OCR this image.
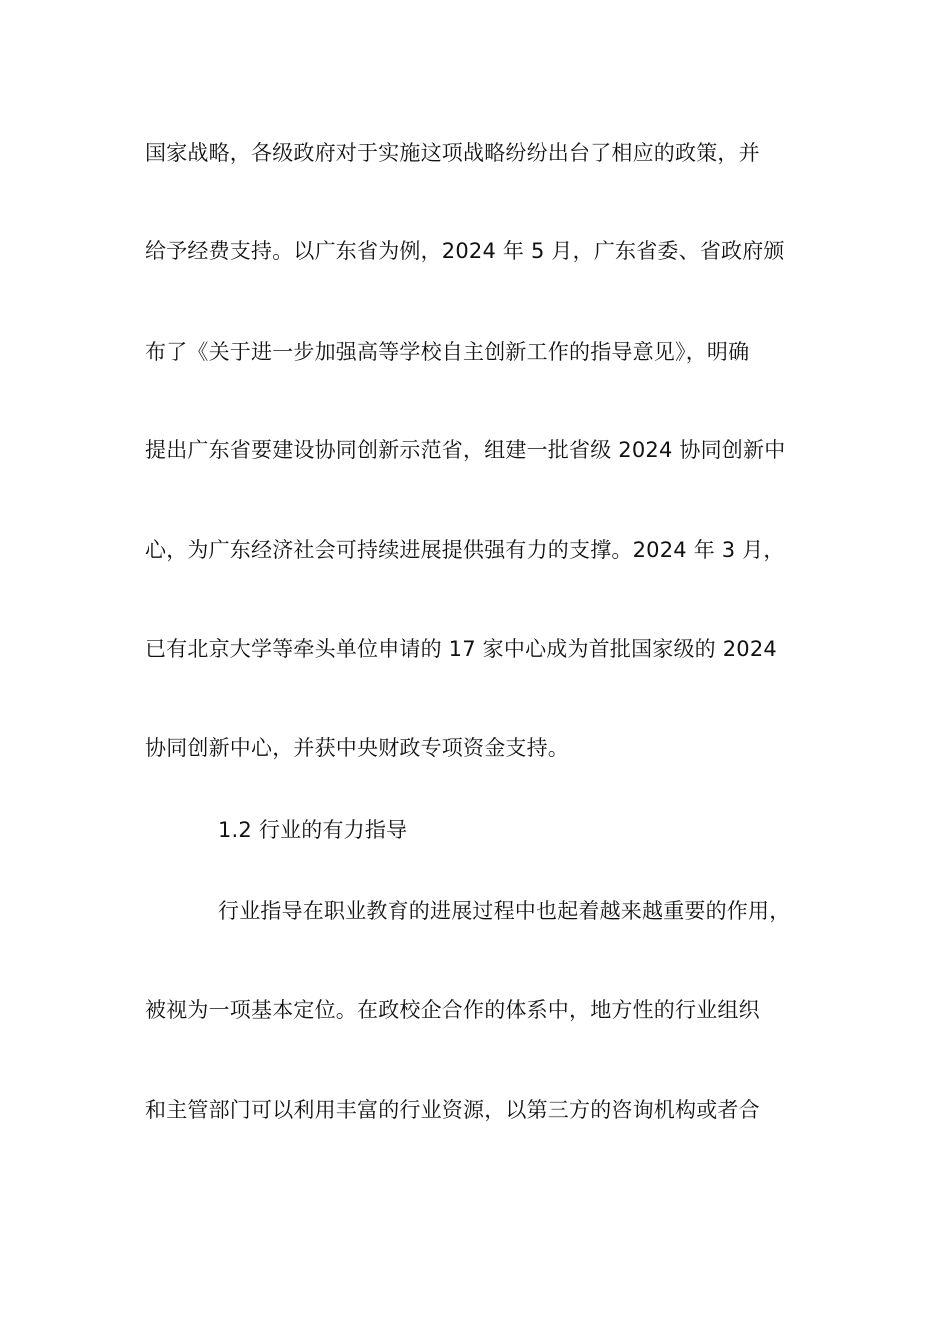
国家战略，各级政府对于实施这项战略纷纷出台了相应的政策，并
给予经费支持。以广东省为例，2024 年 5 月，广东省委、省政府颁
布了《关于进一步加强高等学校自主创新工作的指导意见》，明确
提出广东省要建设协同创新示范省，组建一批省级 2024 协同创新中
心，为广东经济社会可持续进展提供强有力的支撑。2024 年 3 月，
已有北京大学等牵头单位申请的 17 家中心成为首批国家级的 2024
协同创新中心，并获中央财政专项资金支持。
1.2 行业的有力指导
行业指导在职业教育的进展过程中也起着越来越重要的作用，
被视为一项基本定位。在政校企合作的体系中，地方性的行业组织
和主管部门可以利用丰富的行业资源，以第三方的咨询机构或者合
